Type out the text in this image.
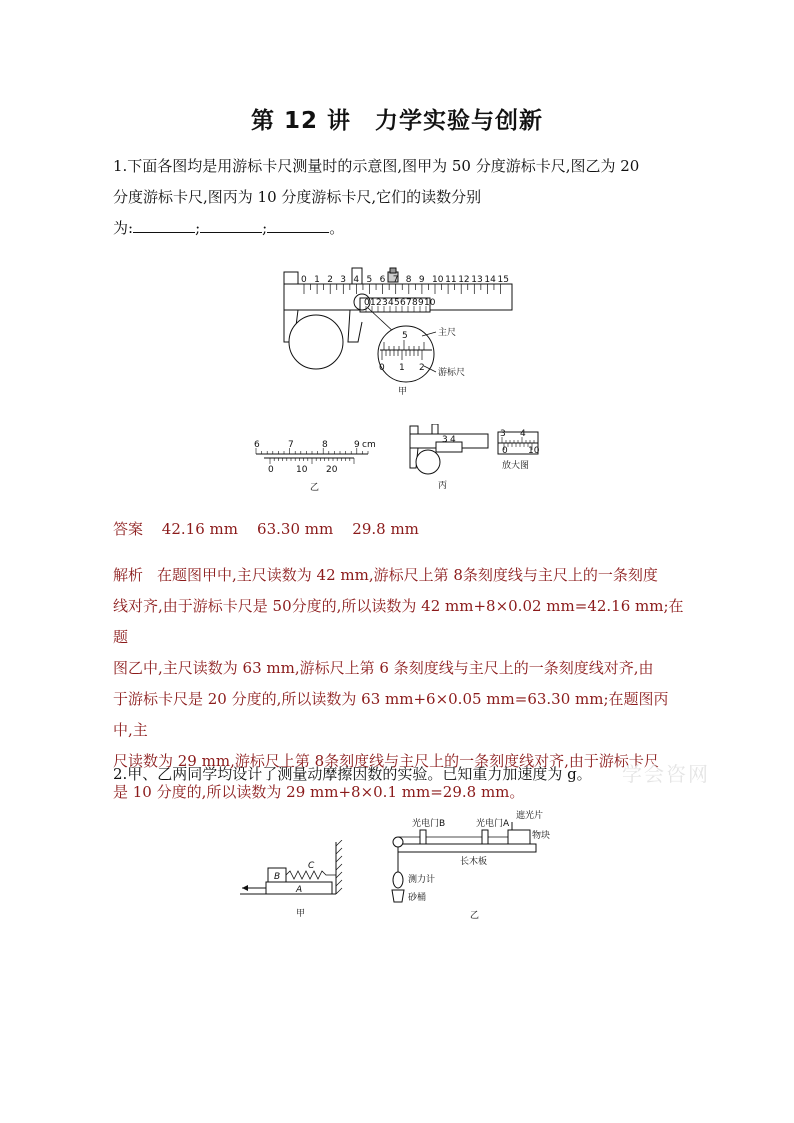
第 12 讲　力学实验与创新
1.下面各图均是用游标卡尺测量时的示意图,图甲为 50 分度游标卡尺,图乙为 20
分度游标卡尺,图丙为 10 分度游标卡尺,它们的读数分别
为:	;	;	。
0 1 2 3 4 5 6 7 8 9 10 11 12 13 14 15
0 1 2 3 4 5 6 7 8 9 10
5
0 1 2
主尺
游标尺
甲
6	7	8	9 cm
0 10 20
乙
3 4
3 4
0 10
放大图
丙
答案 42.16 mm 63.30 mm 29.8 mm
解析 在题图甲中,主尺读数为 42 mm,游标尺上第 8条刻度线与主尺上的一条刻度
线对齐,由于游标卡尺是 50分度的,所以读数为 42 mm+8×0.02 mm=42.16 mm;在题
图乙中,主尺读数为 63 mm,游标尺上第 6 条刻度线与主尺上的一条刻度线对齐,由
于游标卡尺是 20 分度的,所以读数为 63 mm+6×0.05 mm=63.30 mm;在题图丙中,主
尺读数为 29 mm,游标尺上第 8条刻度线与主尺上的一条刻度线对齐,由于游标卡尺
是 10 分度的,所以读数为 29 mm+8×0.1 mm=29.8 mm。
2.甲、乙两同学均设计了测量动摩擦因数的实验。已知重力加速度为 g。	学会咨网
B
A
C
甲
光电门B	光电门A
遮光片
物块
长木板
测力计
砂桶
乙
